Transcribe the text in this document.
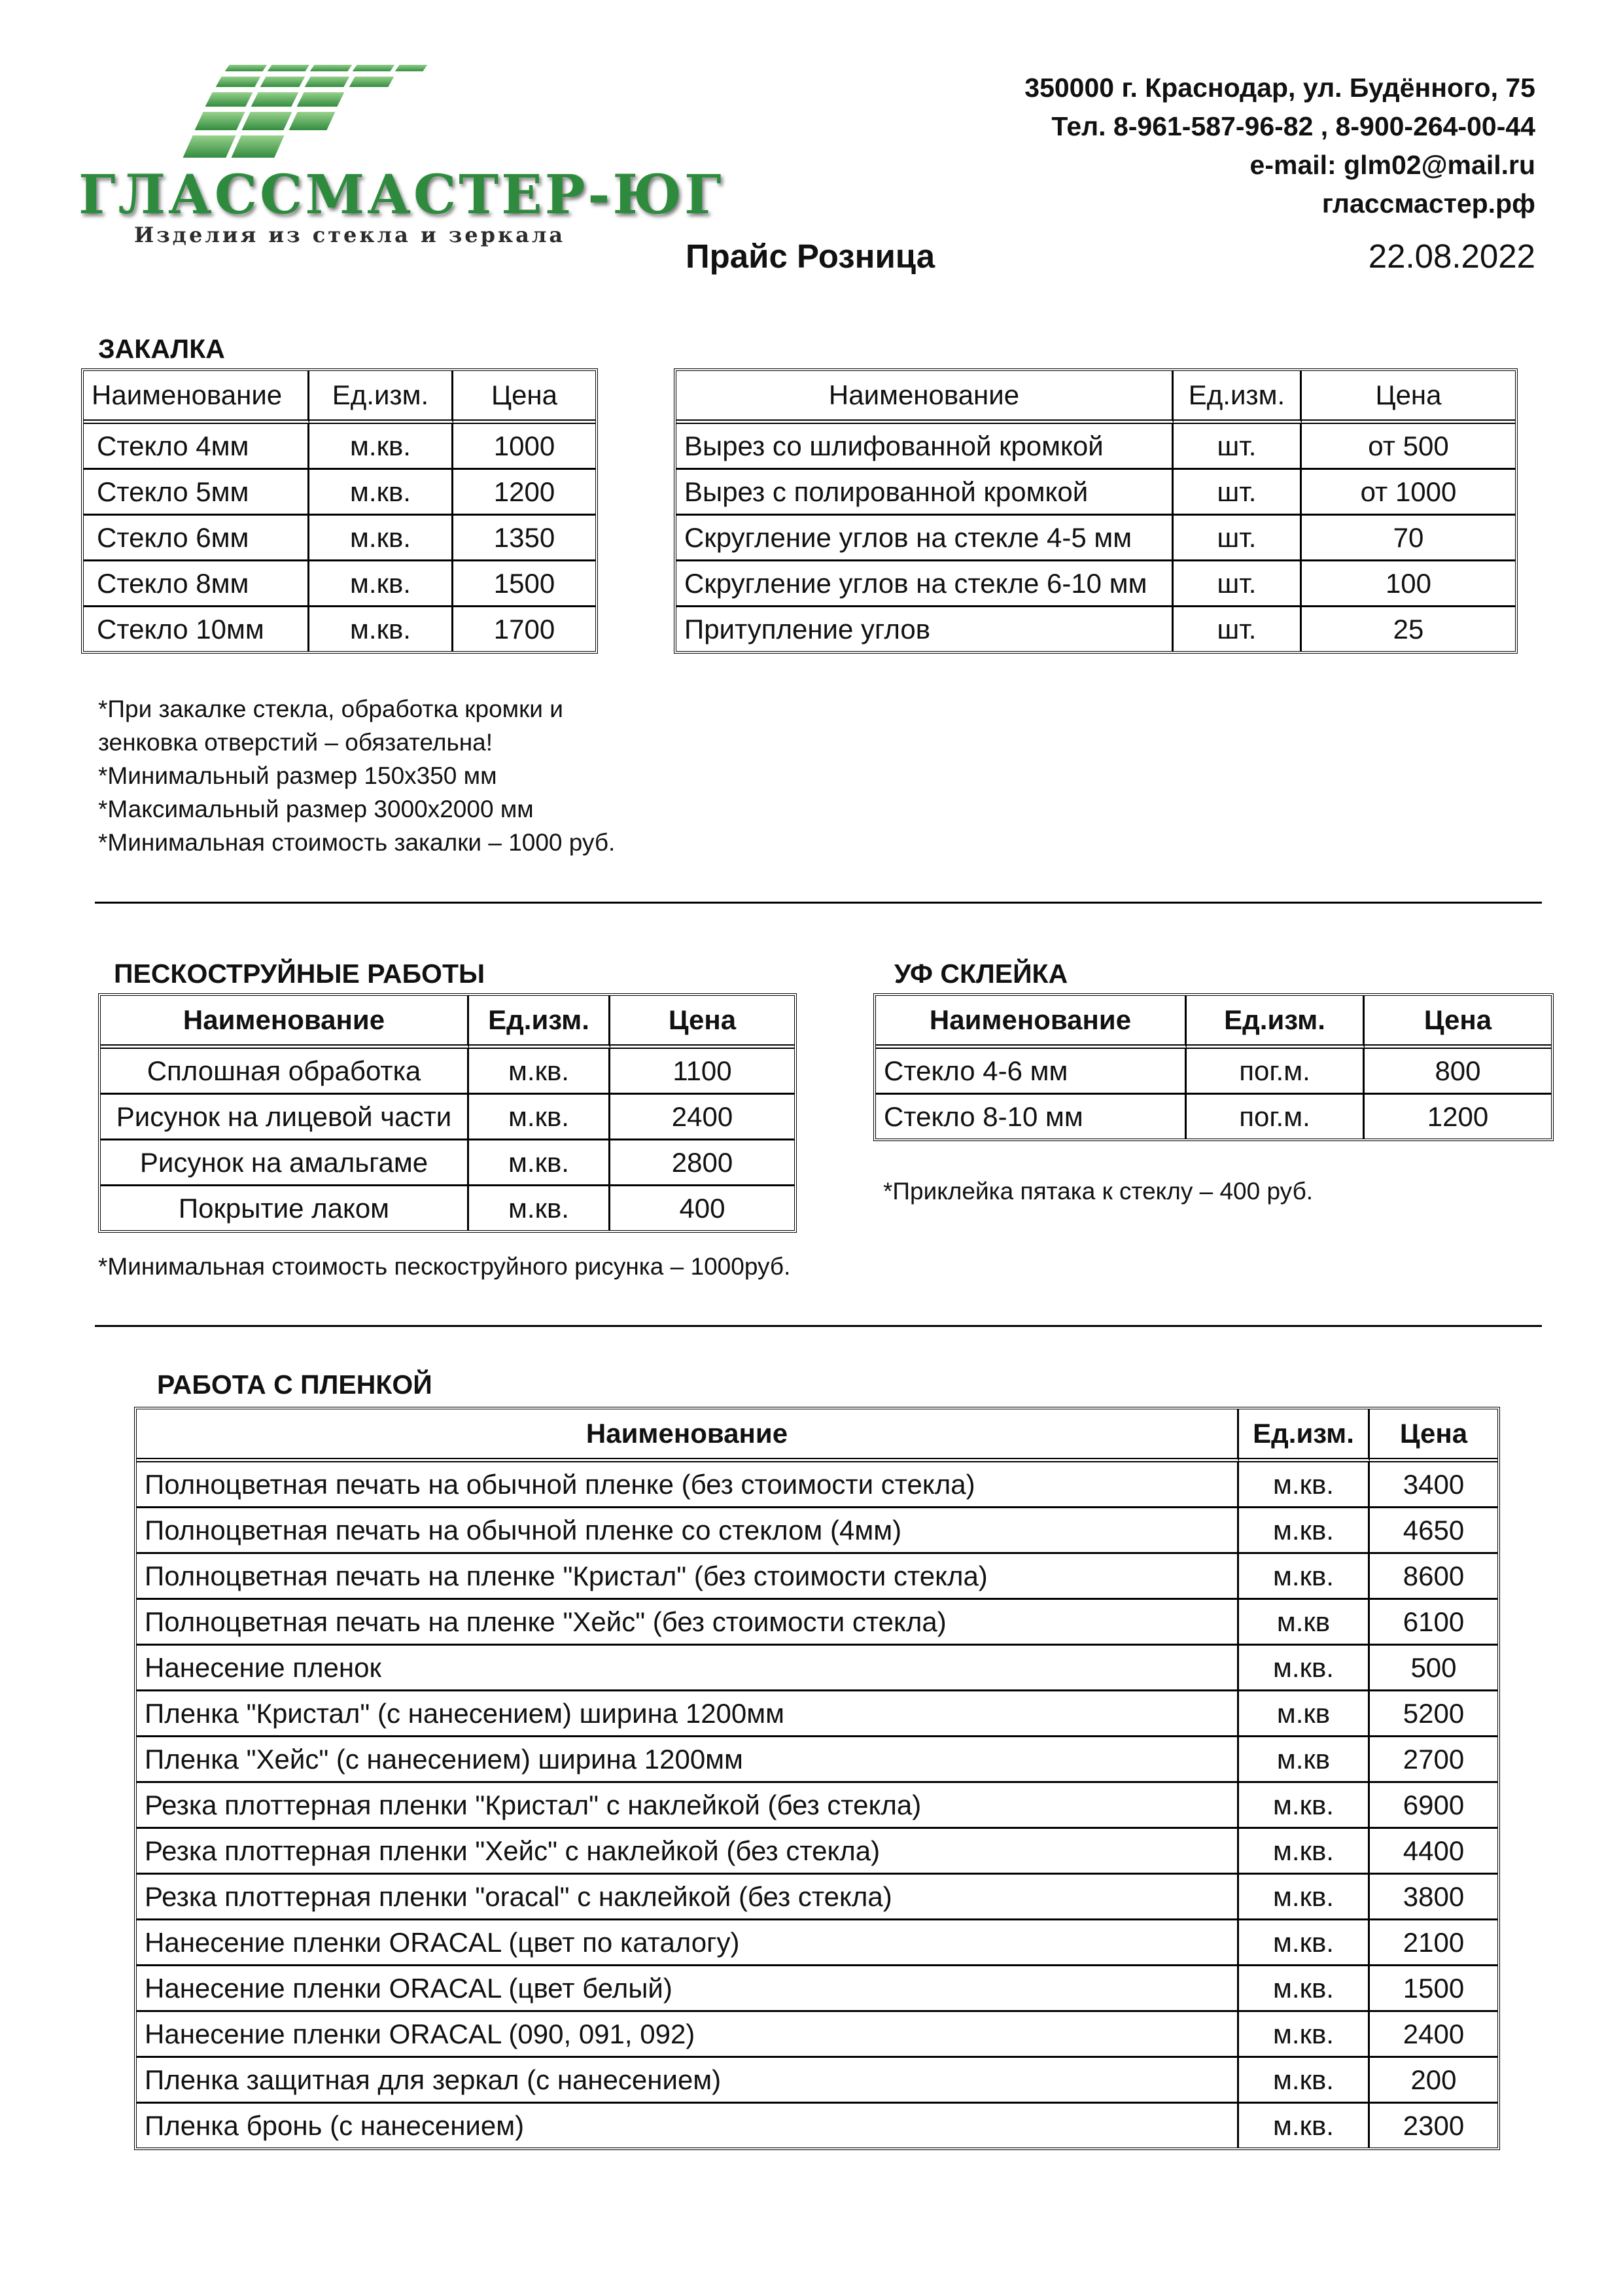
ГЛАССМАСТЕР-ЮГ
Изделия из стекла и зеркала
350000 г. Краснодар, ул. Будённого, 75
Тел. 8-961-587-96-82 , 8-900-264-00-44
e-mail: glm02@mail.ru
глассмастер.рф
Прайс Розница	22.08.2022
ЗАКАЛКА
Наименование	Ед.изм.	Цена
Стекло 4мм	м.кв.	1000
Стекло 5мм	м.кв.	1200
Стекло 6мм	м.кв.	1350
Стекло 8мм	м.кв.	1500
Стекло 10мм	м.кв.	1700
Наименование	Ед.изм.	Цена
Вырез со шлифованной кромкой	шт.	от 500
Вырез с полированной кромкой	шт.	от 1000
Скругление углов на стекле 4-5 мм	шт.	70
Скругление углов на стекле 6-10 мм	шт.	100
Притупление углов	шт.	25
*При закалке стекла, обработка кромки и
зенковка отверстий – обязательна!
*Минимальный размер 150х350 мм
*Максимальный размер 3000х2000 мм
*Минимальная стоимость закалки – 1000 руб.
ПЕСКОСТРУЙНЫЕ РАБОТЫ
Наименование	Ед.изм.	Цена
Сплошная обработка	м.кв.	1100
Рисунок на лицевой части	м.кв.	2400
Рисунок на амальгаме	м.кв.	2800
Покрытие лаком	м.кв.	400
*Минимальная стоимость пескоструйного рисунка – 1000руб.
УФ СКЛЕЙКА
Наименование	Ед.изм.	Цена
Стекло 4-6 мм	пог.м.	800
Стекло 8-10 мм	пог.м.	1200
*Приклейка пятака к стеклу – 400 руб.
РАБОТА С ПЛЕНКОЙ
Наименование	Ед.изм.	Цена
Полноцветная печать на обычной пленке (без стоимости стекла)	м.кв.	3400
Полноцветная печать на обычной пленке со стеклом (4мм)	м.кв.	4650
Полноцветная печать на пленке "Кристал" (без стоимости стекла)	м.кв.	8600
Полноцветная печать на пленке "Хейс" (без стоимости стекла)	м.кв	6100
Нанесение пленок	м.кв.	500
Пленка "Кристал" (с нанесением) ширина 1200мм	м.кв	5200
Пленка "Хейс" (с нанесением) ширина 1200мм	м.кв	2700
Резка плоттерная пленки "Кристал" с наклейкой (без стекла)	м.кв.	6900
Резка плоттерная пленки "Хейс" с наклейкой (без стекла)	м.кв.	4400
Резка плоттерная пленки "oracal" с наклейкой (без стекла)	м.кв.	3800
Нанесение пленки ORACAL (цвет по каталогу)	м.кв.	2100
Нанесение пленки ORACAL (цвет белый)	м.кв.	1500
Нанесение пленки ORACAL (090, 091, 092)	м.кв.	2400
Пленка защитная для зеркал (с нанесением)	м.кв.	200
Пленка бронь (с нанесением)	м.кв.	2300
